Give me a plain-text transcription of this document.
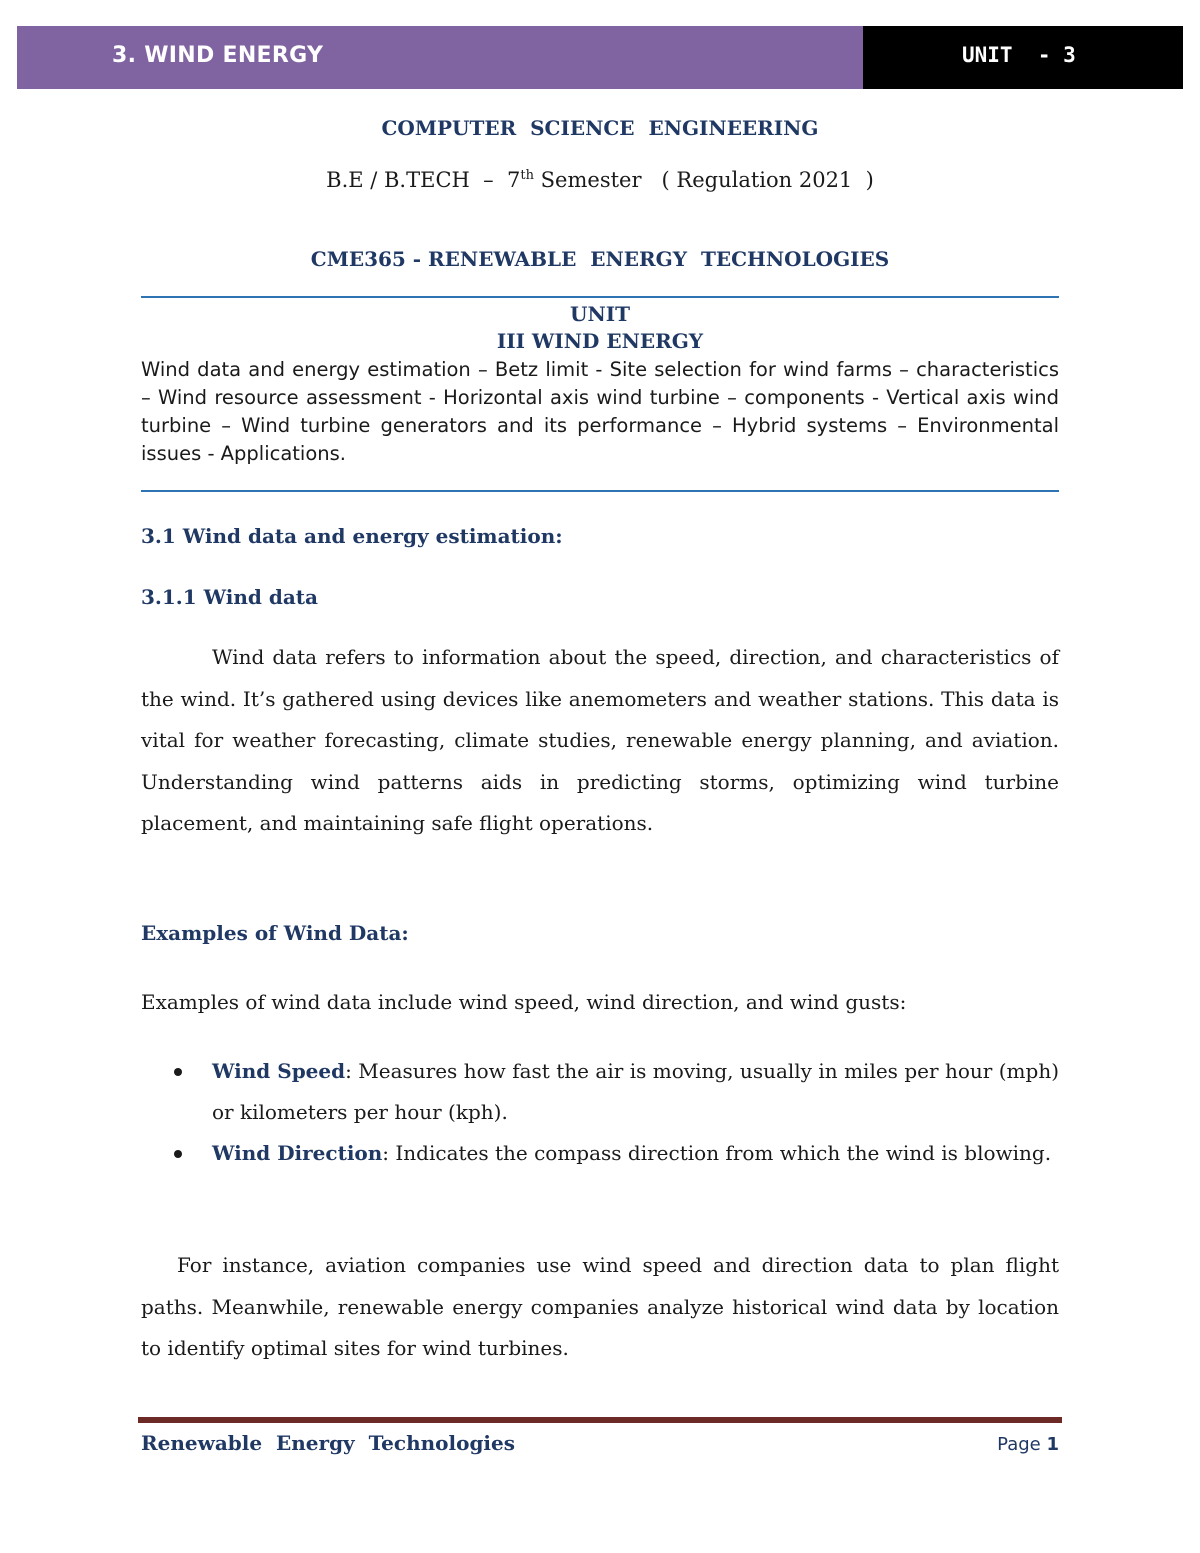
3. WIND ENERGY	UNIT  - 3
COMPUTER  SCIENCE  ENGINEERING
B.E / B.TECH  –  7th Semester   ( Regulation 2021  )
CME365 - RENEWABLE  ENERGY  TECHNOLOGIES
UNIT
III WIND ENERGY
Wind data and energy estimation – Betz limit - Site selection for wind farms – characteristics – Wind resource assessment - Horizontal axis wind turbine – components - Vertical axis wind turbine – Wind turbine generators and its performance – Hybrid systems – Environmental issues - Applications.
3.1 Wind data and energy estimation:
3.1.1 Wind data
Wind data refers to information about the speed, direction, and characteristics of the wind. It’s gathered using devices like anemometers and weather stations. This data is vital for weather forecasting, climate studies, renewable energy planning, and aviation. Understanding wind patterns aids in predicting storms, optimizing wind turbine placement, and maintaining safe flight operations.
Examples of Wind Data:
Examples of wind data include wind speed, wind direction, and wind gusts:
Wind Speed: Measures how fast the air is moving, usually in miles per hour (mph) or kilometers per hour (kph).
Wind Direction: Indicates the compass direction from which the wind is blowing.
For instance, aviation companies use wind speed and direction data to plan flight paths. Meanwhile, renewable energy companies analyze historical wind data by location to identify optimal sites for wind turbines.
Renewable  Energy  Technologies	Page 1
